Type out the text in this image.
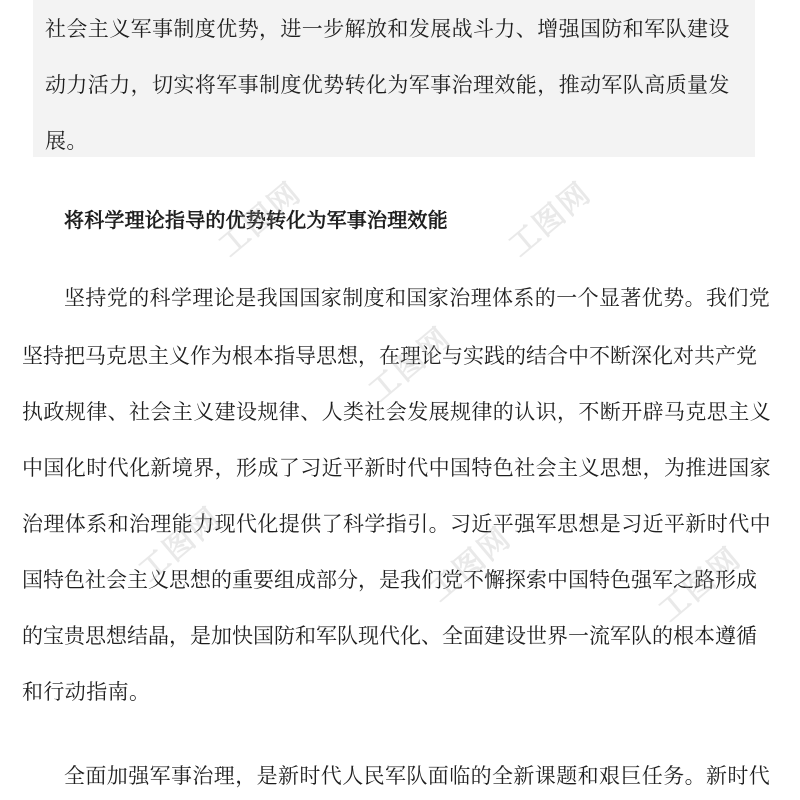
社会主义军事制度优势，进一步解放和发展战斗力、增强国防和军队建设

动力活力，切实将军事制度优势转化为军事治理效能，推动军队高质量发

展。

将科学理论指导的优势转化为军事治理效能

坚持党的科学理论是我国国家制度和国家治理体系的一个显著优势。我们党

坚持把马克思主义作为根本指导思想，在理论与实践的结合中不断深化对共产党

执政规律、社会主义建设规律、人类社会发展规律的认识，不断开辟马克思主义

中国化时代化新境界，形成了习近平新时代中国特色社会主义思想，为推进国家

治理体系和治理能力现代化提供了科学指引。习近平强军思想是习近平新时代中

国特色社会主义思想的重要组成部分，是我们党不懈探索中国特色强军之路形成

的宝贵思想结晶，是加快国防和军队现代化、全面建设世界一流军队的根本遵循

和行动指南。

全面加强军事治理，是新时代人民军队面临的全新课题和艰巨任务。新时代

工图网	工图网
工图网
工图网	工图网	工图网
